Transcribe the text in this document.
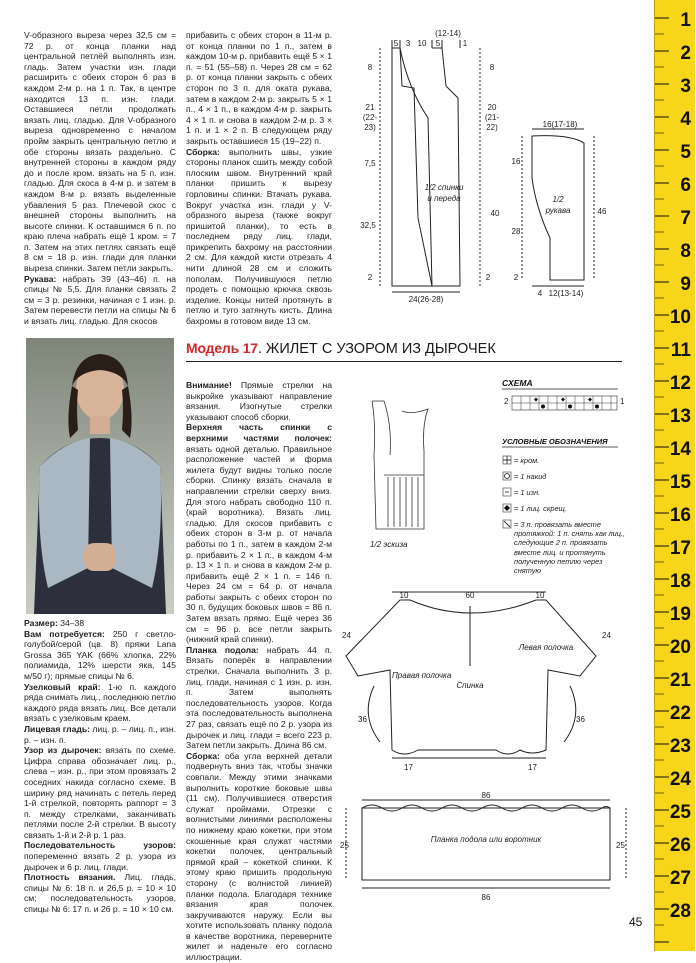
V-образного выреза через 32,5 см = 72 р. от конца планки над центральной петлёй выполнять изн. гладь. Затем участки изн. глади расширить с обеих сторон 6 раз в каждом 2-м р. на 1 п. Так, в центре находится 13 п. изн. глади. Оставшиеся петли продолжать вязать лиц. гладью. Для V-образного выреза одновременно с началом пройм закрыть центральную петлю и обе стороны вязать раздельно. С внутренней стороны в каждом ряду до и после кром. вязать на 5 п. изн. гладью. Для скоса в 4-м р. и затем в каждом 8-м р. вязать выделенные убавления 5 раз. Плечевой скос с внешней стороны выполнить на высоте спинки. К оставшимся 6 п. по краю плеча набрать ещё 1 кром. = 7 п. Затем на этих петлях связать ещё 8 см = 18 р. изн. глади для планки выреза спинки. Затем петли закрыть.

Рукава: набрать 39 (43–46) п. на спицы № 5,5. Для планки связать 2 см = 3 р. резинки, начиная с 1 изн. р. Затем перевести петли на спицы № 6 и вязать лиц. гладью. Для скосов

прибавить с обеих сторон в 11-м р. от конца планки по 1 п., затем в каждом 10-м р. прибавить ещё 5 × 1 п. = 51 (55–58) п. Через 28 см = 62 р. от конца планки закрыть с обеих сторон по 3 п. для оката рукава, затем в каждом 2-м р. закрыть 5 × 1 п., 4 × 1 п., в каждом 4-м р. закрыть 4 × 1 п. и снова в каждом 2-м р. 3 × 1 п. и 1 × 2 п. В следующем ряду закрыть оставшиеся 15 (19–22) п.

Сборка: выполнить швы, узкие стороны планок сшить между собой плоским швом. Внутренний край планки пришить к вырезу горловины спинки. Втачать рукава. Вокруг участка изн. глади у V-образного выреза (также вокруг пришитой планки), то есть в последнем ряду лиц. глади, прикрепить бахрому на расстоянии 2 см. Для каждой кисти отрезать 4 нити длиной 28 см и сложить пополам. Получившуюся петлю продеть с помощью крючка сквозь изделие. Концы нитей протянуть в петлю и туго затянуть кисть. Длина бахромы в готовом виде 13 см.

(12-14)
5 3 10 5	1
8
21
(22-
23)
7,5
32,5
2
8
20
(21-
22)
40
2
1/2 спинки
и переда
24(26-28)
16(17-18)
16
28
2
46
1/2
рукава
4 12(13-14)
Модель 17. ЖИЛЕТ С УЗОРОМ ИЗ ДЫРОЧЕК

Размер: 34–38

Вам потребуется: 250 г светло-голубой/серой (цв. 8) пряжи Lana Grossa 365 YAK (66% хлопка, 22% полиамида, 12% шерсти яка, 145 м/50 г); прямые спицы № 6.

Узелковый край: 1-ю п. каждого ряда снимать лиц., последнюю петлю каждого ряда вязать лиц. Все детали вязать с узелковым краем.

Лицевая гладь: лиц. р. – лиц. п., изн. р. – изн. п.

Узор из дырочек: вязать по схеме. Цифра справа обозначает лиц. р., слева – изн. р., при этом провязать 2 соседних накида согласно схеме. В ширину ряд начинать с петель перед 1-й стрелкой, повторять раппорт = 3 п. между стрелками, заканчивать петлями после 2-й стрелки. В высоту связать 1-й и 2-й р. 1 раз.

Последовательность узоров: попеременно вязать 2 р. узора из дырочек и 6 р. лиц. глади.

Плотность вязания. Лиц. гладь, спицы № 6: 18 п. и 26,5 р. = 10 × 10 см; последовательность узоров, спицы № 6: 17 п. и 26 р. = 10 × 10 см.

Внимание! Прямые стрелки на выкройке указывают направление вязания. Изогнутые стрелки указывают способ сборки.

Верхняя часть спинки с верхними частями полочек: вязать одной деталью. Правильное расположение частей и форма жилета будут видны только после сборки. Спинку вязать сначала в направлении стрелки сверху вниз. Для этого набрать свободно 110 п. (край воротника). Вязать лиц. гладью. Для скосов прибавить с обеих сторон в 3-м р. от начала работы по 1 п., затем в каждом 2-м р. прибавить 2 × 1 п., в каждом 4-м р. 13 × 1 п. и снова в каждом 2-м р. прибавить ещё 2 × 1 п. = 146 п. Через 24 см = 64 р. от начала работы закрыть с обеих сторон по 30 п. будущих боковых швов = 86 п. Затем вязать прямо. Ещё через 36 см = 96 р. все петли закрыть (нижний край спинки).

Планка подола: набрать 44 п. Вязать поперёк в направлении стрелки. Сначала выполнить 3 р. лиц. глади, начиная с 1 изн. р. изн. п. Затем выполнять последовательность узоров. Когда эта последовательность выполнена 27 раз, связать ещё по 2 р. узора из дырочек и лиц. глади = всего 223 р. Затем петли закрыть. Длина 86 см.

Сборка: оба угла верхней детали подвернуть вниз так, чтобы значки совпали. Между этими значками выполнить короткие боковые швы (11 см). Получившиеся отверстия служат проймами. Отрезки с волнистыми линиями расположены по нижнему краю кокетки, при этом скошенные края служат частями кокетки полочек, центральный прямой край – кокеткой спинки. К этому краю пришить продольную сторону (с волнистой линией) планки подола. Благодаря технике вязания края полочек закручиваются наружу. Если вы хотите использовать планку подола в качестве воротника, переверните жилет и наденьте его согласно иллюстрации.

1/2 эскиза
СХЕМА
2	1
УСЛОВНЫЕ ОБОЗНАЧЕНИЯ
= кром.
= 1 накид
= 1 изн.
= 1 лиц. скрещ.
= 3 п. провязать вместе протяжкой: 1 п. снять как лиц., следующие 2 п. провязать вместе лиц. и протянуть полученную петлю через снятую
10	60	10
24	24
Правая полочка
Левая полочка
Спинка
36	36
17	17
86
Планка подола или воротник
25	25
86
1
2
3
4
5
6
7
8
9
10
11
12
13
14
15
16
17
18
19
20
21
22
23
24
25
26
27
28
45
